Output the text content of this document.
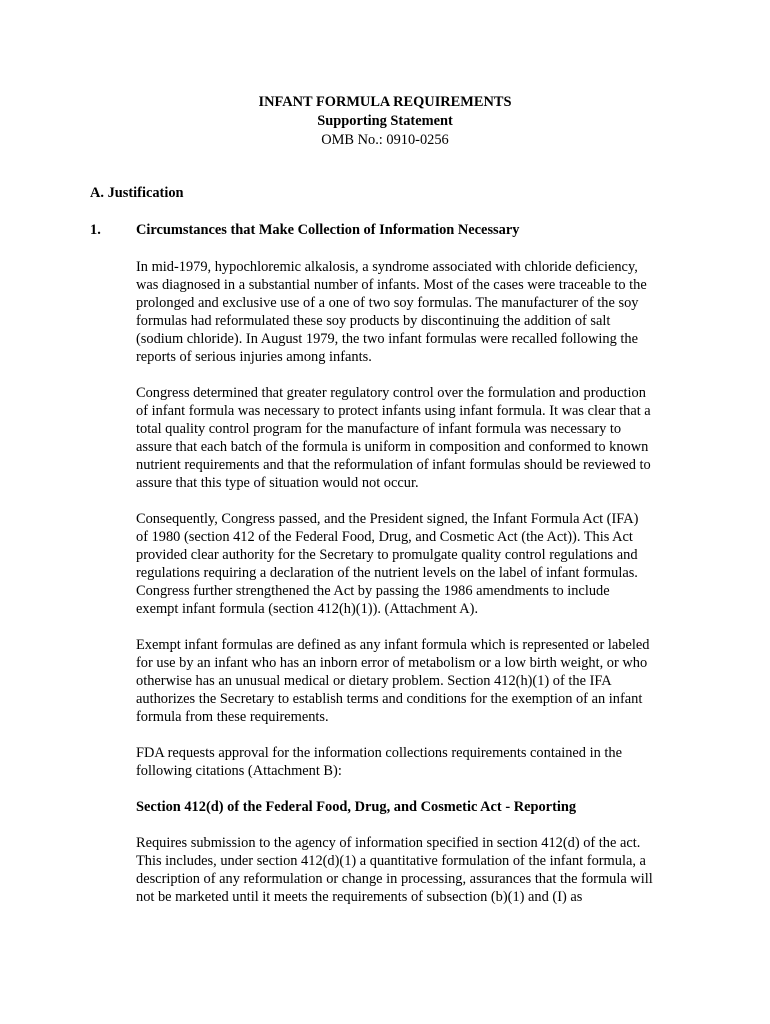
INFANT FORMULA REQUIREMENTS
Supporting Statement
OMB No.: 0910-0256
A. Justification
1. Circumstances that Make Collection of Information Necessary

In mid-1979, hypochloremic alkalosis, a syndrome associated with chloride deficiency,
was diagnosed in a substantial number of infants. Most of the cases were traceable to the
prolonged and exclusive use of a one of two soy formulas. The manufacturer of the soy
formulas had reformulated these soy products by discontinuing the addition of salt
(sodium chloride). In August 1979, the two infant formulas were recalled following the
reports of serious injuries among infants.

Congress determined that greater regulatory control over the formulation and production
of infant formula was necessary to protect infants using infant formula. It was clear that a
total quality control program for the manufacture of infant formula was necessary to
assure that each batch of the formula is uniform in composition and conformed to known
nutrient requirements and that the reformulation of infant formulas should be reviewed to
assure that this type of situation would not occur.

Consequently, Congress passed, and the President signed, the Infant Formula Act (IFA)
of 1980 (section 412 of the Federal Food, Drug, and Cosmetic Act (the Act)). This Act
provided clear authority for the Secretary to promulgate quality control regulations and
regulations requiring a declaration of the nutrient levels on the label of infant formulas.
Congress further strengthened the Act by passing the 1986 amendments to include
exempt infant formula (section 412(h)(1)). (Attachment A).

Exempt infant formulas are defined as any infant formula which is represented or labeled
for use by an infant who has an inborn error of metabolism or a low birth weight, or who
otherwise has an unusual medical or dietary problem. Section 412(h)(1) of the IFA
authorizes the Secretary to establish terms and conditions for the exemption of an infant
formula from these requirements.

FDA requests approval for the information collections requirements contained in the
following citations (Attachment B):

Section 412(d) of the Federal Food, Drug, and Cosmetic Act - Reporting

Requires submission to the agency of information specified in section 412(d) of the act.
This includes, under section 412(d)(1) a quantitative formulation of the infant formula, a
description of any reformulation or change in processing, assurances that the formula will
not be marketed until it meets the requirements of subsection (b)(1) and (I) as
